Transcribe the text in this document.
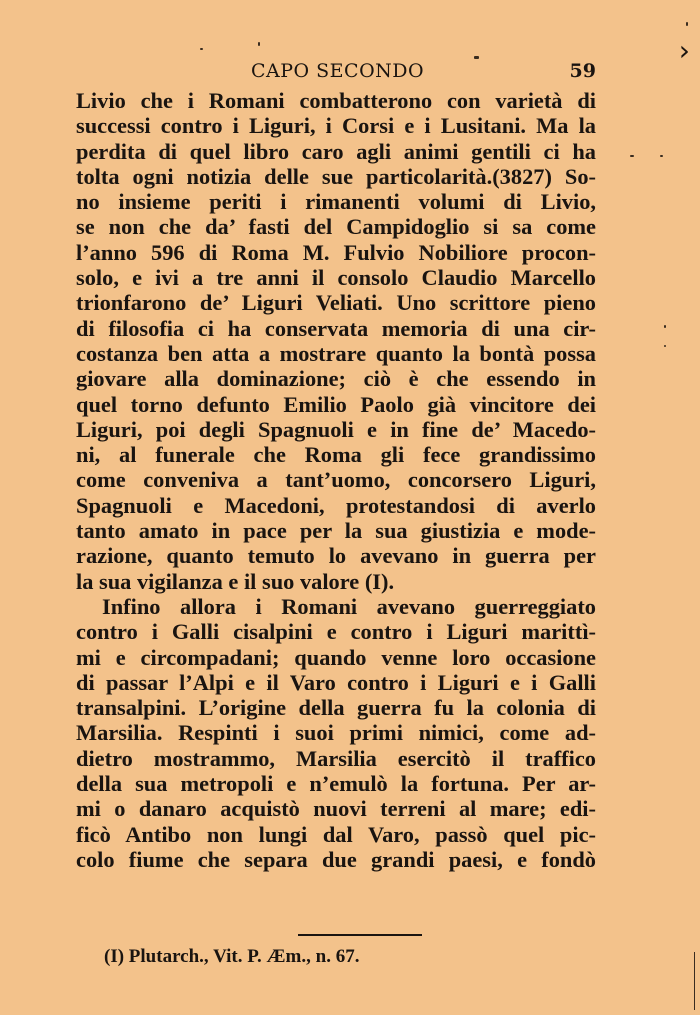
CAPO SECONDO	59
›
Livio che i Romani combatterono con varietà di
successi contro i Liguri, i Corsi e i Lusitani. Ma la
perdita di quel libro caro agli animi gentili ci ha
tolta ogni notizia delle sue particolarità.(3827) So-
no insieme periti i rimanenti volumi di Livio,
se non che da’ fasti del Campidoglio si sa come
l’anno 596 di Roma M. Fulvio Nobiliore procon-
solo, e ivi a tre anni il consolo Claudio Marcello
trionfarono de’ Liguri Veliati. Uno scrittore pieno
di filosofia ci ha conservata memoria di una cir-
costanza ben atta a mostrare quanto la bontà possa
giovare alla dominazione; ciò è che essendo in
quel torno defunto Emilio Paolo già vincitore dei
Liguri, poi degli Spagnuoli e in fine de’ Macedo-
ni, al funerale che Roma gli fece grandissimo
come conveniva a tant’uomo, concorsero Liguri,
Spagnuoli e Macedoni, protestandosi di averlo
tanto amato in pace per la sua giustizia e mode-
razione, quanto temuto lo avevano in guerra per
la sua vigilanza e il suo valore (I).
Infino allora i Romani avevano guerreggiato
contro i Galli cisalpini e contro i Liguri marittì-
mi e circompadani; quando venne loro occasione
di passar l’Alpi e il Varo contro i Liguri e i Galli
transalpini. L’origine della guerra fu la colonia di
Marsilia. Respinti i suoi primi nimici, come ad-
dietro mostrammo, Marsilia esercitò il traffico
della sua metropoli e n’emulò la fortuna. Per ar-
mi o danaro acquistò nuovi terreni al mare; edi-
ficò Antibo non lungi dal Varo, passò quel pic-
colo fiume che separa due grandi paesi, e fondò
(I) Plutarch., Vit. P. Æm., n. 67.
